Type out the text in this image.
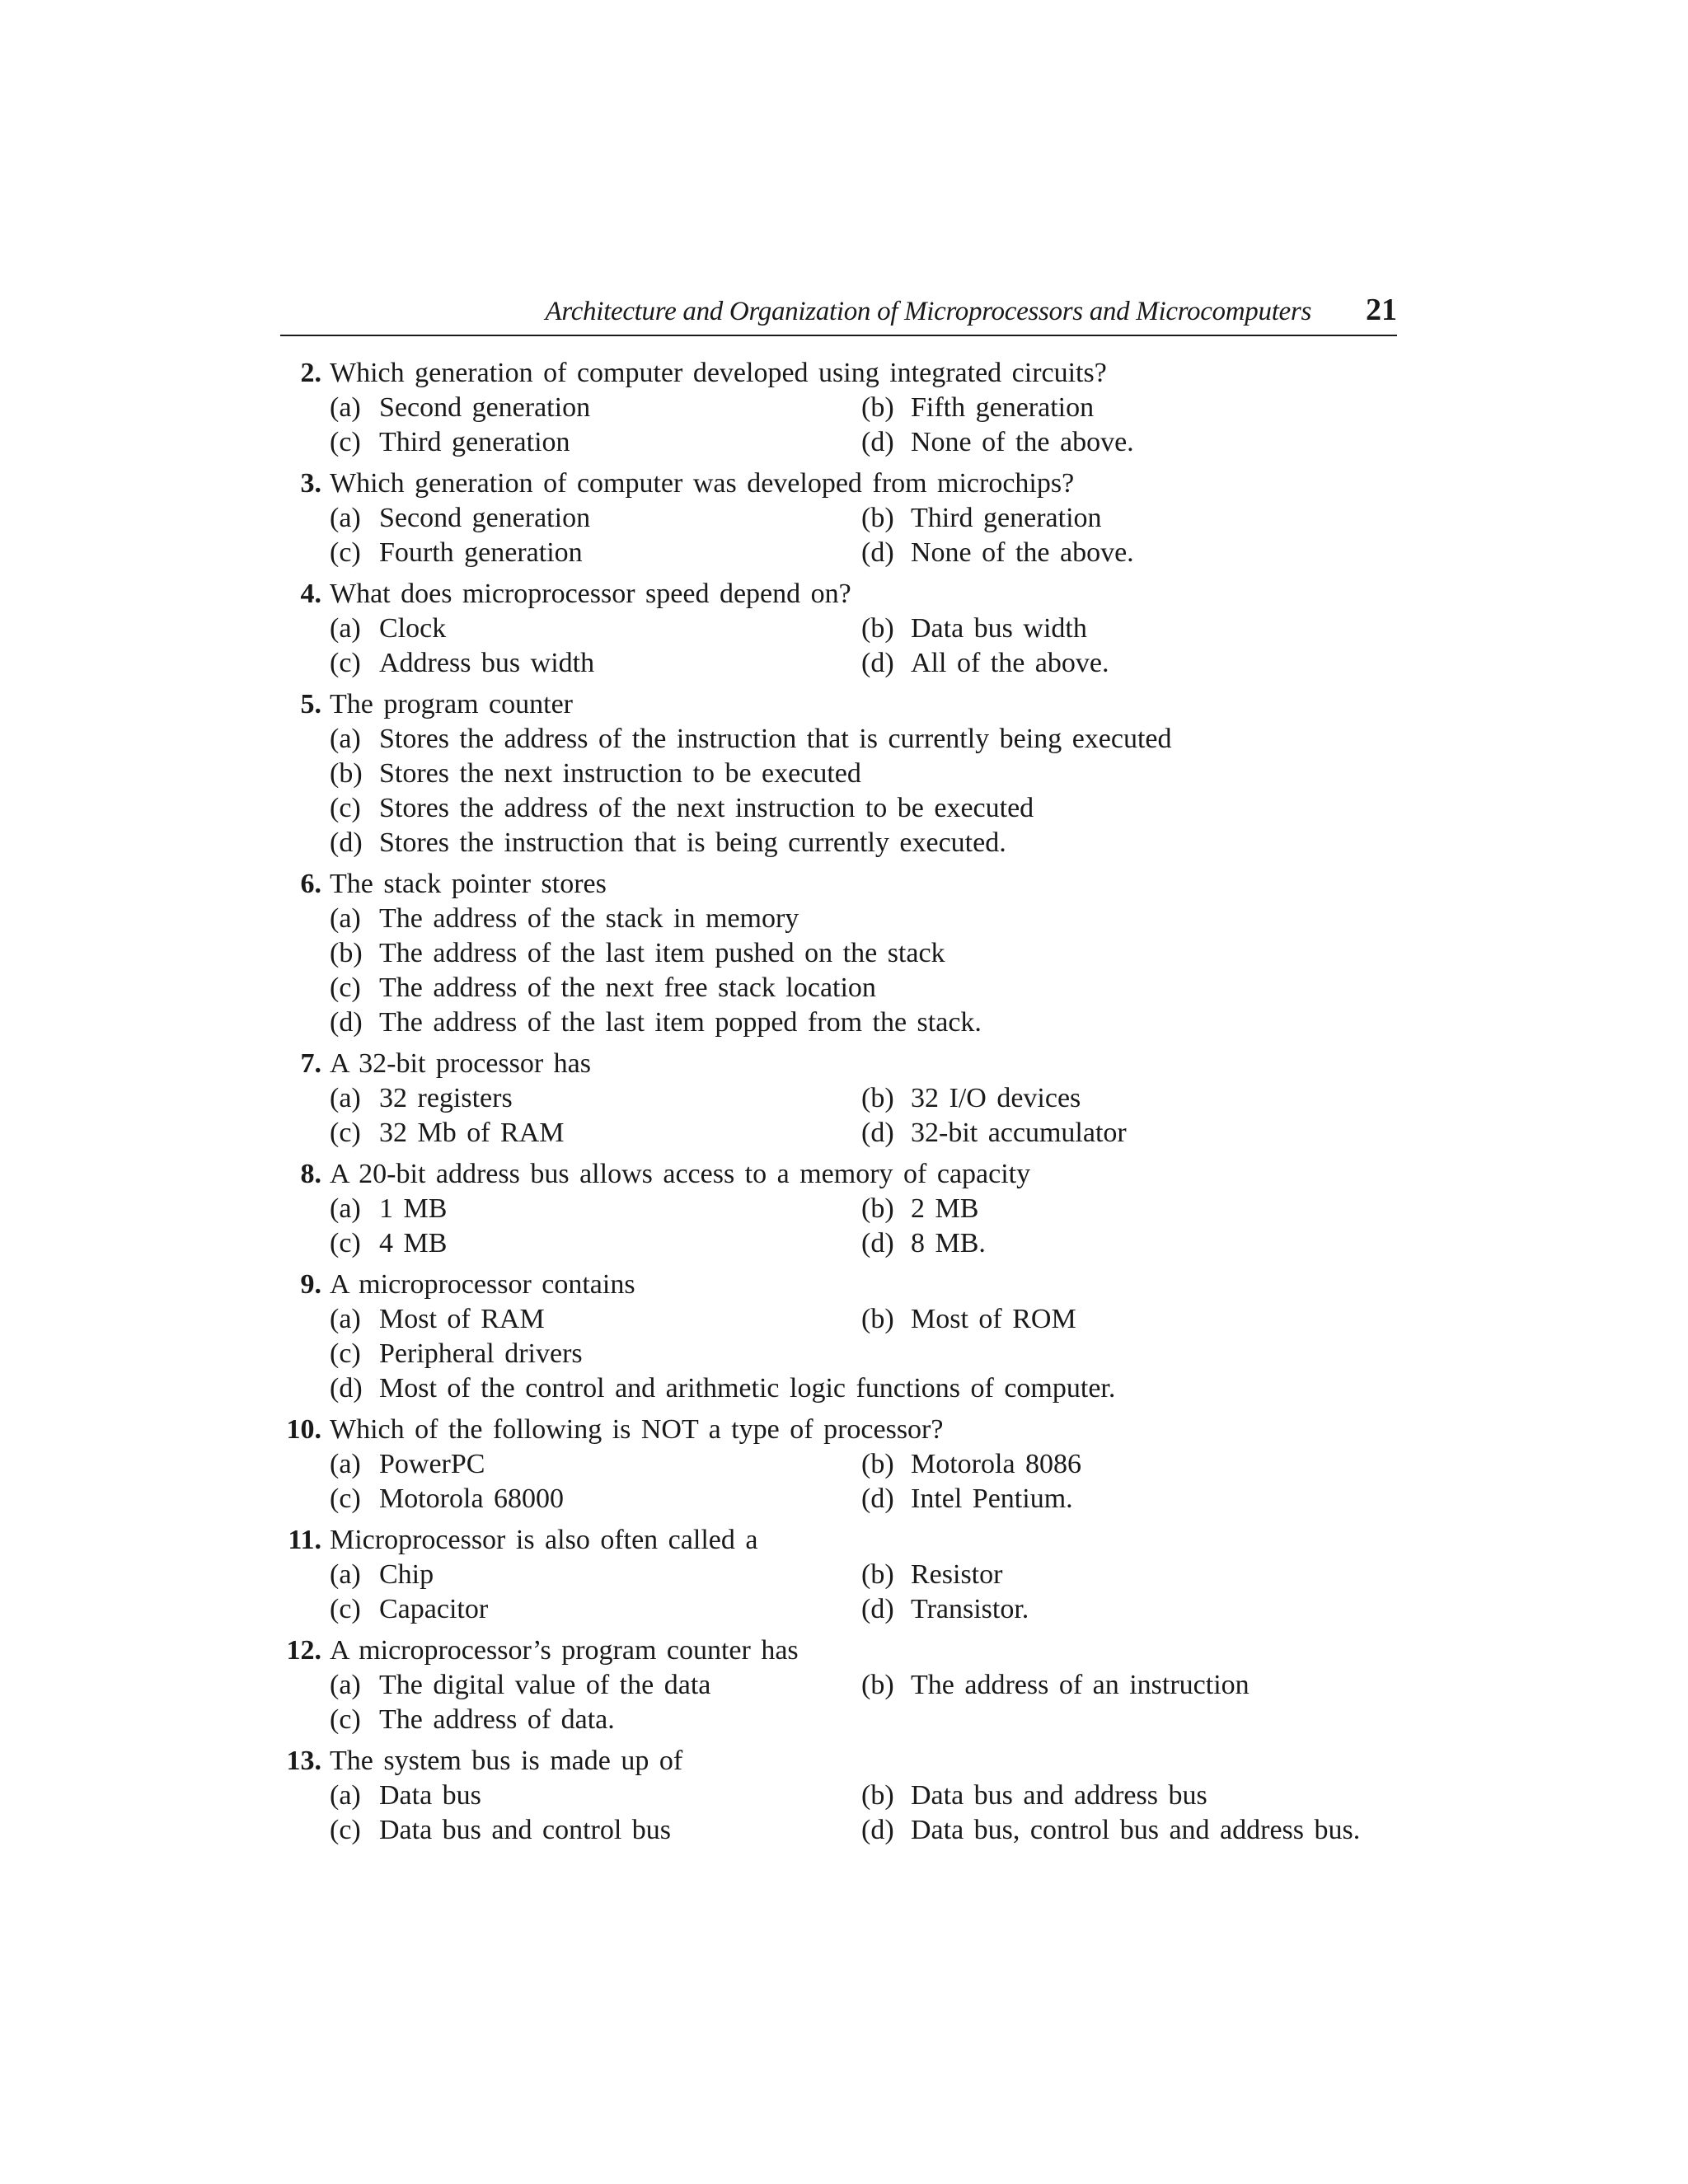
Architecture and Organization of Microprocessors and Microcomputers 21
2. Which generation of computer developed using integrated circuits?
(a) Second generation	(b) Fifth generation
(c) Third generation	(d) None of the above.
3. Which generation of computer was developed from microchips?
(a) Second generation	(b) Third generation
(c) Fourth generation	(d) None of the above.
4. What does microprocessor speed depend on?
(a) Clock	(b) Data bus width
(c) Address bus width	(d) All of the above.
5. The program counter
(a) Stores the address of the instruction that is currently being executed
(b) Stores the next instruction to be executed
(c) Stores the address of the next instruction to be executed
(d) Stores the instruction that is being currently executed.
6. The stack pointer stores
(a) The address of the stack in memory
(b) The address of the last item pushed on the stack
(c) The address of the next free stack location
(d) The address of the last item popped from the stack.
7. A 32-bit processor has
(a) 32 registers	(b) 32 I/O devices
(c) 32 Mb of RAM	(d) 32-bit accumulator
8. A 20-bit address bus allows access to a memory of capacity
(a) 1 MB	(b) 2 MB
(c) 4 MB	(d) 8 MB.
9. A microprocessor contains
(a) Most of RAM	(b) Most of ROM
(c) Peripheral drivers
(d) Most of the control and arithmetic logic functions of computer.
10. Which of the following is NOT a type of processor?
(a) PowerPC	(b) Motorola 8086
(c) Motorola 68000	(d) Intel Pentium.
11. Microprocessor is also often called a
(a) Chip	(b) Resistor
(c) Capacitor	(d) Transistor.
12. A microprocessor’s program counter has
(a) The digital value of the data	(b) The address of an instruction
(c) The address of data.
13. The system bus is made up of
(a) Data bus	(b) Data bus and address bus
(c) Data bus and control bus	(d) Data bus, control bus and address bus.
